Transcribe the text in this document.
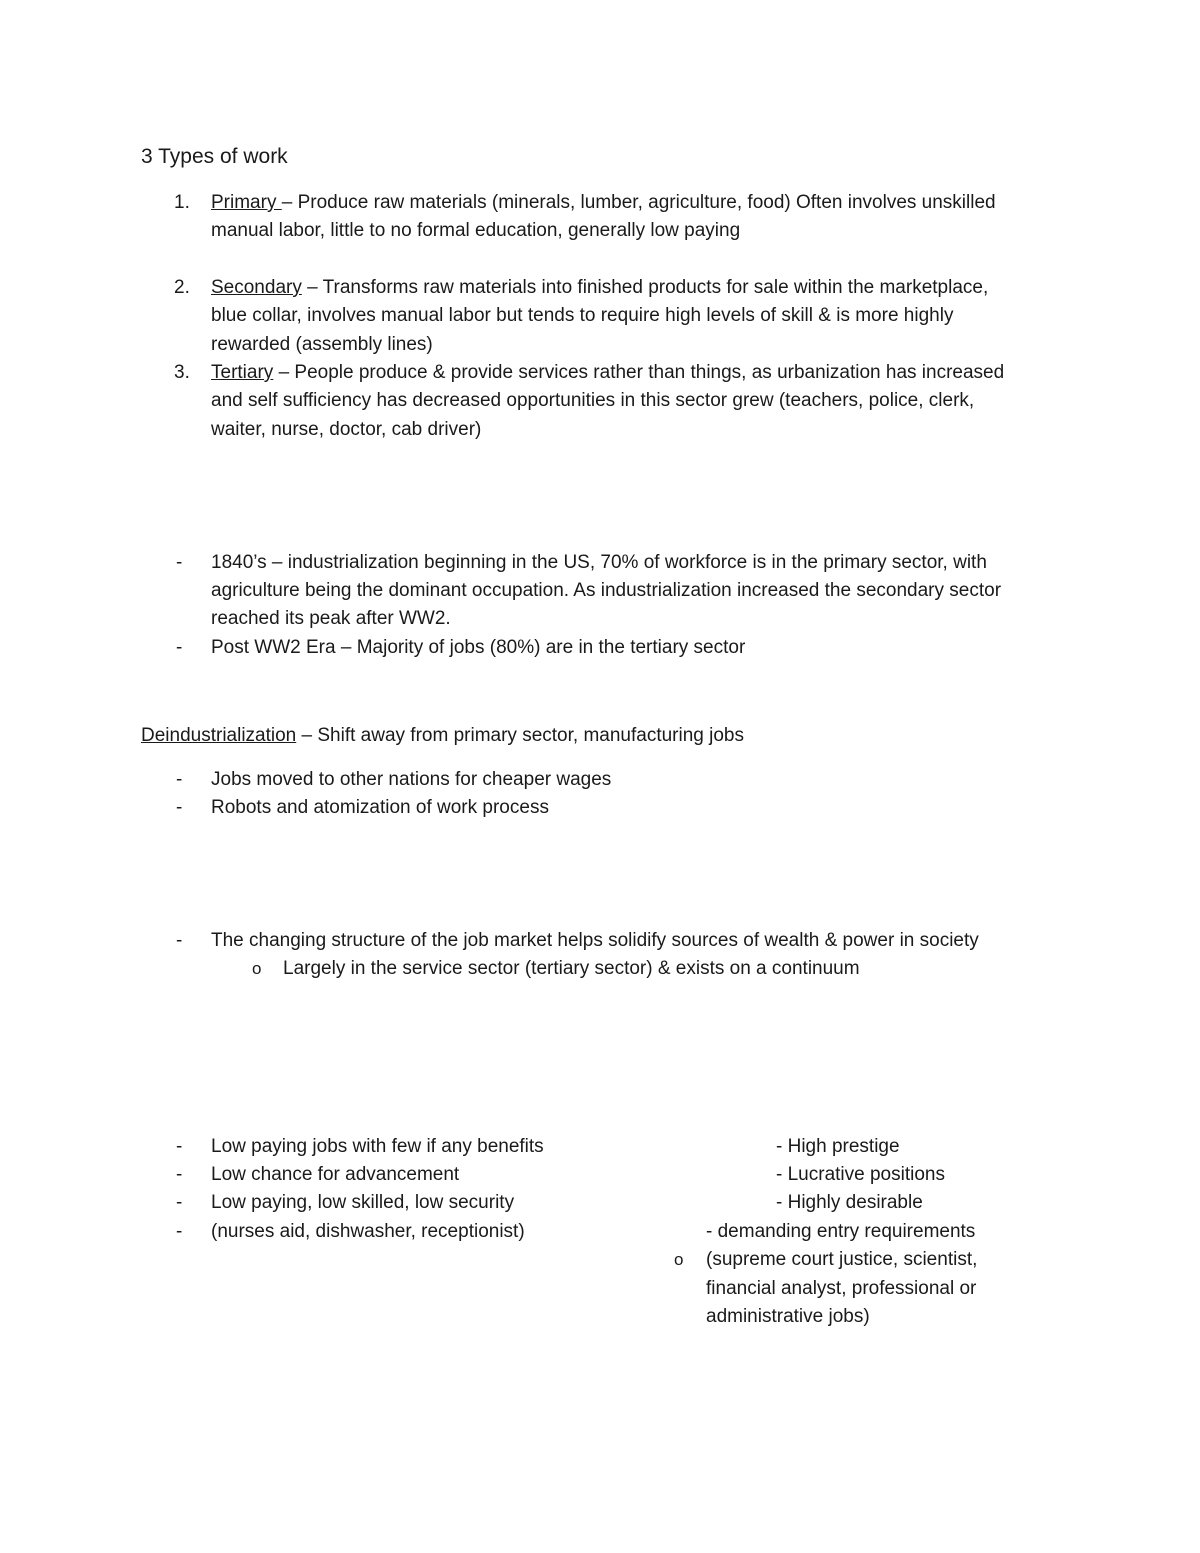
3 Types of work
1. Primary – Produce raw materials (minerals, lumber, agriculture, food) Often involves unskilled
manual labor, little to no formal education, generally low paying
2. Secondary – Transforms raw materials into finished products for sale within the marketplace,
blue collar, involves manual labor but tends to require high levels of skill & is more highly
rewarded (assembly lines)
3. Tertiary – People produce & provide services rather than things, as urbanization has increased
and self sufficiency has decreased opportunities in this sector grew (teachers, police, clerk,
waiter, nurse, doctor, cab driver)
- 1840’s – industrialization beginning in the US, 70% of workforce is in the primary sector, with
agriculture being the dominant occupation. As industrialization increased the secondary sector
reached its peak after WW2.
- Post WW2 Era – Majority of jobs (80%) are in the tertiary sector
Deindustrialization – Shift away from primary sector, manufacturing jobs
- Jobs moved to other nations for cheaper wages
- Robots and atomization of work process
- The changing structure of the job market helps solidify sources of wealth & power in society
o Largely in the service sector (tertiary sector) & exists on a continuum
- Low paying jobs with few if any benefits
- Low chance for advancement
- Low paying, low skilled, low security
- (nurses aid, dishwasher, receptionist)
- High prestige
- Lucrative positions
- Highly desirable
- demanding entry requirements
o (supreme court justice, scientist,
financial analyst, professional or
administrative jobs)
